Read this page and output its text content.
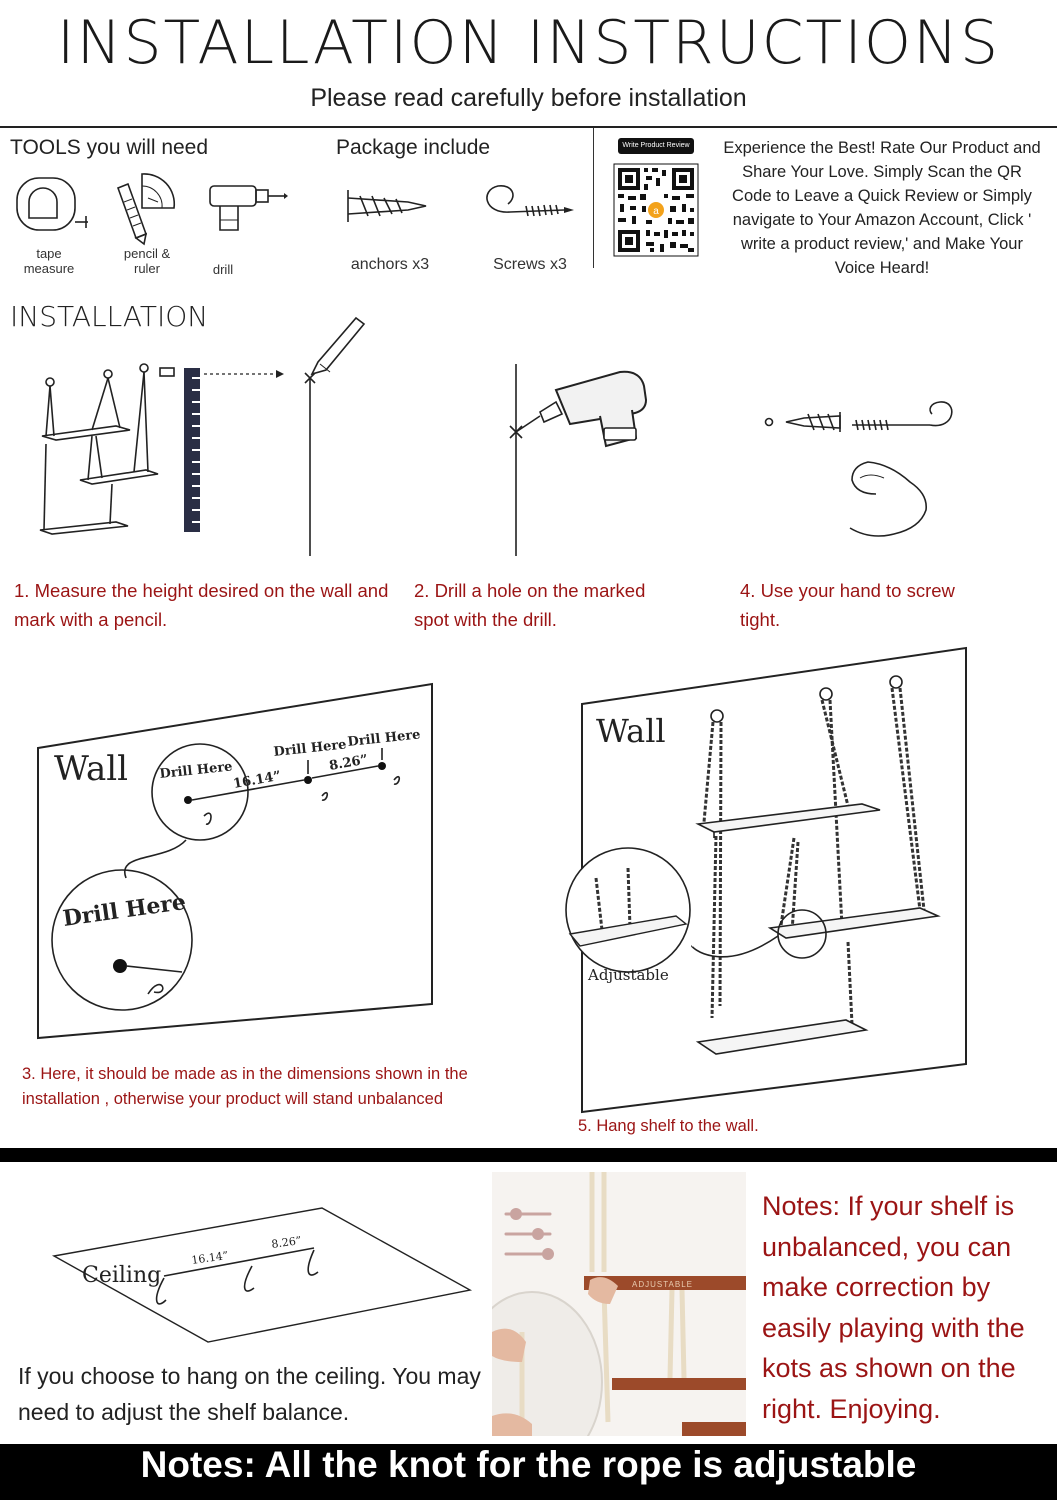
INSTALLATION INSTRUCTIONS
Please read carefully before installation
TOOLS you will need
tape
measure
pencil &
ruler	drill
Package include
anchors x3	Screws x3
Write Product Review
a
Experience the Best! Rate Our Product and Share Your Love. Simply Scan the QR Code to Leave a Quick Review or Simply navigate to Your Amazon Account, Click ' write a product review,' and Make Your Voice Heard!
INSTALLATION
1. Measure the height desired on the wall and mark with a pencil.
2. Drill a hole on the marked spot with the drill.
4. Use your hand to screw tight.
Wall Drill Here
16.14”
Drill Here
8.26”
Drill Here
Drill Here
3. Here, it should be made as in the dimensions shown in the installation , otherwise your product will stand unbalanced
Wall
Adjustable
5. Hang shelf to the wall.
Ceiling
16.14”
8.26”
If you choose to hang on the ceiling. You may need to adjust the shelf balance.
ADJUSTABLE
Notes: If your shelf is unbalanced, you can make correction by easily playing with the kots as shown on the right. Enjoying.
Notes: All the knot for the rope is adjustable
